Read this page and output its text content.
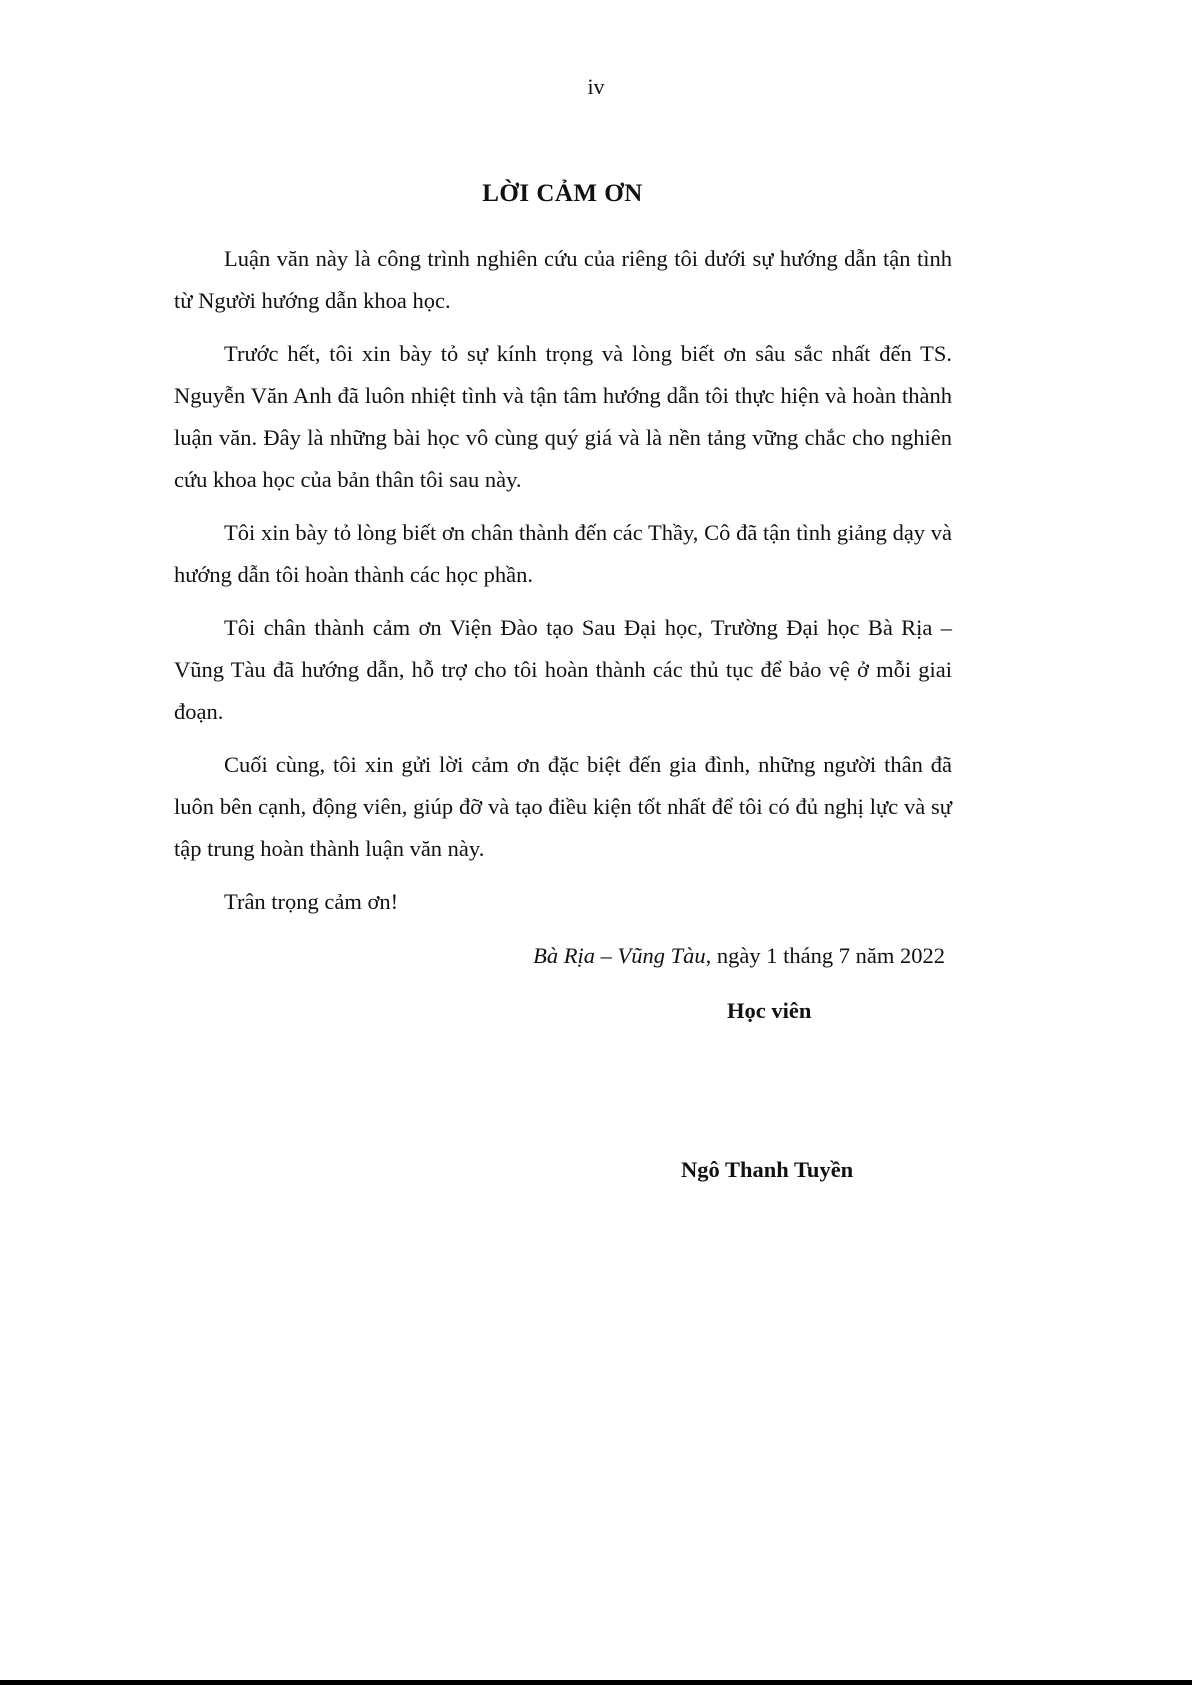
iv
LỜI CẢM ƠN

Luận văn này là công trình nghiên cứu của riêng tôi dưới sự hướng dẫn tận tình từ Người hướng dẫn khoa học.

Trước hết, tôi xin bày tỏ sự kính trọng và lòng biết ơn sâu sắc nhất đến TS. Nguyễn Văn Anh đã luôn nhiệt tình và tận tâm hướng dẫn tôi thực hiện và hoàn thành luận văn. Đây là những bài học vô cùng quý giá và là nền tảng vững chắc cho nghiên cứu khoa học của bản thân tôi sau này.

Tôi xin bày tỏ lòng biết ơn chân thành đến các Thầy, Cô đã tận tình giảng dạy và hướng dẫn tôi hoàn thành các học phần.

Tôi chân thành cảm ơn Viện Đào tạo Sau Đại học, Trường Đại học Bà Rịa – Vũng Tàu đã hướng dẫn, hỗ trợ cho tôi hoàn thành các thủ tục để bảo vệ ở mỗi giai đoạn.

Cuối cùng, tôi xin gửi lời cảm ơn đặc biệt đến gia đình, những người thân đã luôn bên cạnh, động viên, giúp đỡ và tạo điều kiện tốt nhất để tôi có đủ nghị lực và sự tập trung hoàn thành luận văn này.

Trân trọng cảm ơn!

Bà Rịa – Vũng Tàu, ngày 1 tháng 7 năm 2022
Học viên
Ngô Thanh Tuyền
